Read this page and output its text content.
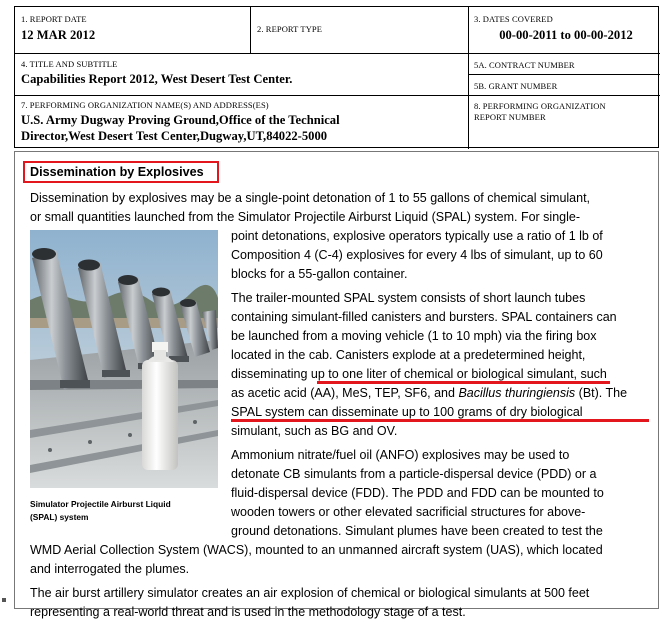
1. REPORT DATE
12 MAR 2012	2. REPORT TYPE
3. DATES COVERED
00-00-2011 to 00-00-2012
4. TITLE AND SUBTITLE
Capabilities Report 2012, West Desert Test Center.
5A. CONTRACT NUMBER
5B. GRANT NUMBER
7. PERFORMING ORGANIZATION NAME(S) AND ADDRESS(ES)
U.S. Army Dugway Proving Ground,Office of the Technical
Director,West Desert Test Center,Dugway,UT,84022-5000
8. PERFORMING ORGANIZATION
REPORT NUMBER
Dissemination by Explosives
Dissemination by explosives may be a single-point detonation of 1 to 55 gallons of chemical simulant,
or small quantities launched from the Simulator Projectile Airburst Liquid (SPAL) system. For single-
point detonations, explosive operators typically use a ratio of 1 lb of
Composition 4 (C-4) explosives for every 4 lbs of simulant, up to 60
blocks for a 55-gallon container.
The trailer-mounted SPAL system consists of short launch tubes
containing simulant-filled canisters and bursters. SPAL containers can
be launched from a moving vehicle (1 to 10 mph) via the firing box
located in the cab. Canisters explode at a predetermined height,
disseminating up to one liter of chemical or biological simulant, such
as acetic acid (AA), MeS, TEP, SF6, and Bacillus thuringiensis (Bt). The
SPAL system can disseminate up to 100 grams of dry biological
simulant, such as BG and OV.
Ammonium nitrate/fuel oil (ANFO) explosives may be used to
detonate CB simulants from a particle-dispersal device (PDD) or a
fluid-dispersal device (FDD). The PDD and FDD can be mounted to
wooden towers or other elevated sacrificial structures for above-
ground detonations. Simulant plumes have been created to test the
WMD Aerial Collection System (WACS), mounted to an unmanned aircraft system (UAS), which located
and interrogated the plumes.
The air burst artillery simulator creates an air explosion of chemical or biological simulants at 500 feet
representing a real-world threat and is used in the methodology stage of a test.
Simulator Projectile Airburst Liquid
(SPAL) system
